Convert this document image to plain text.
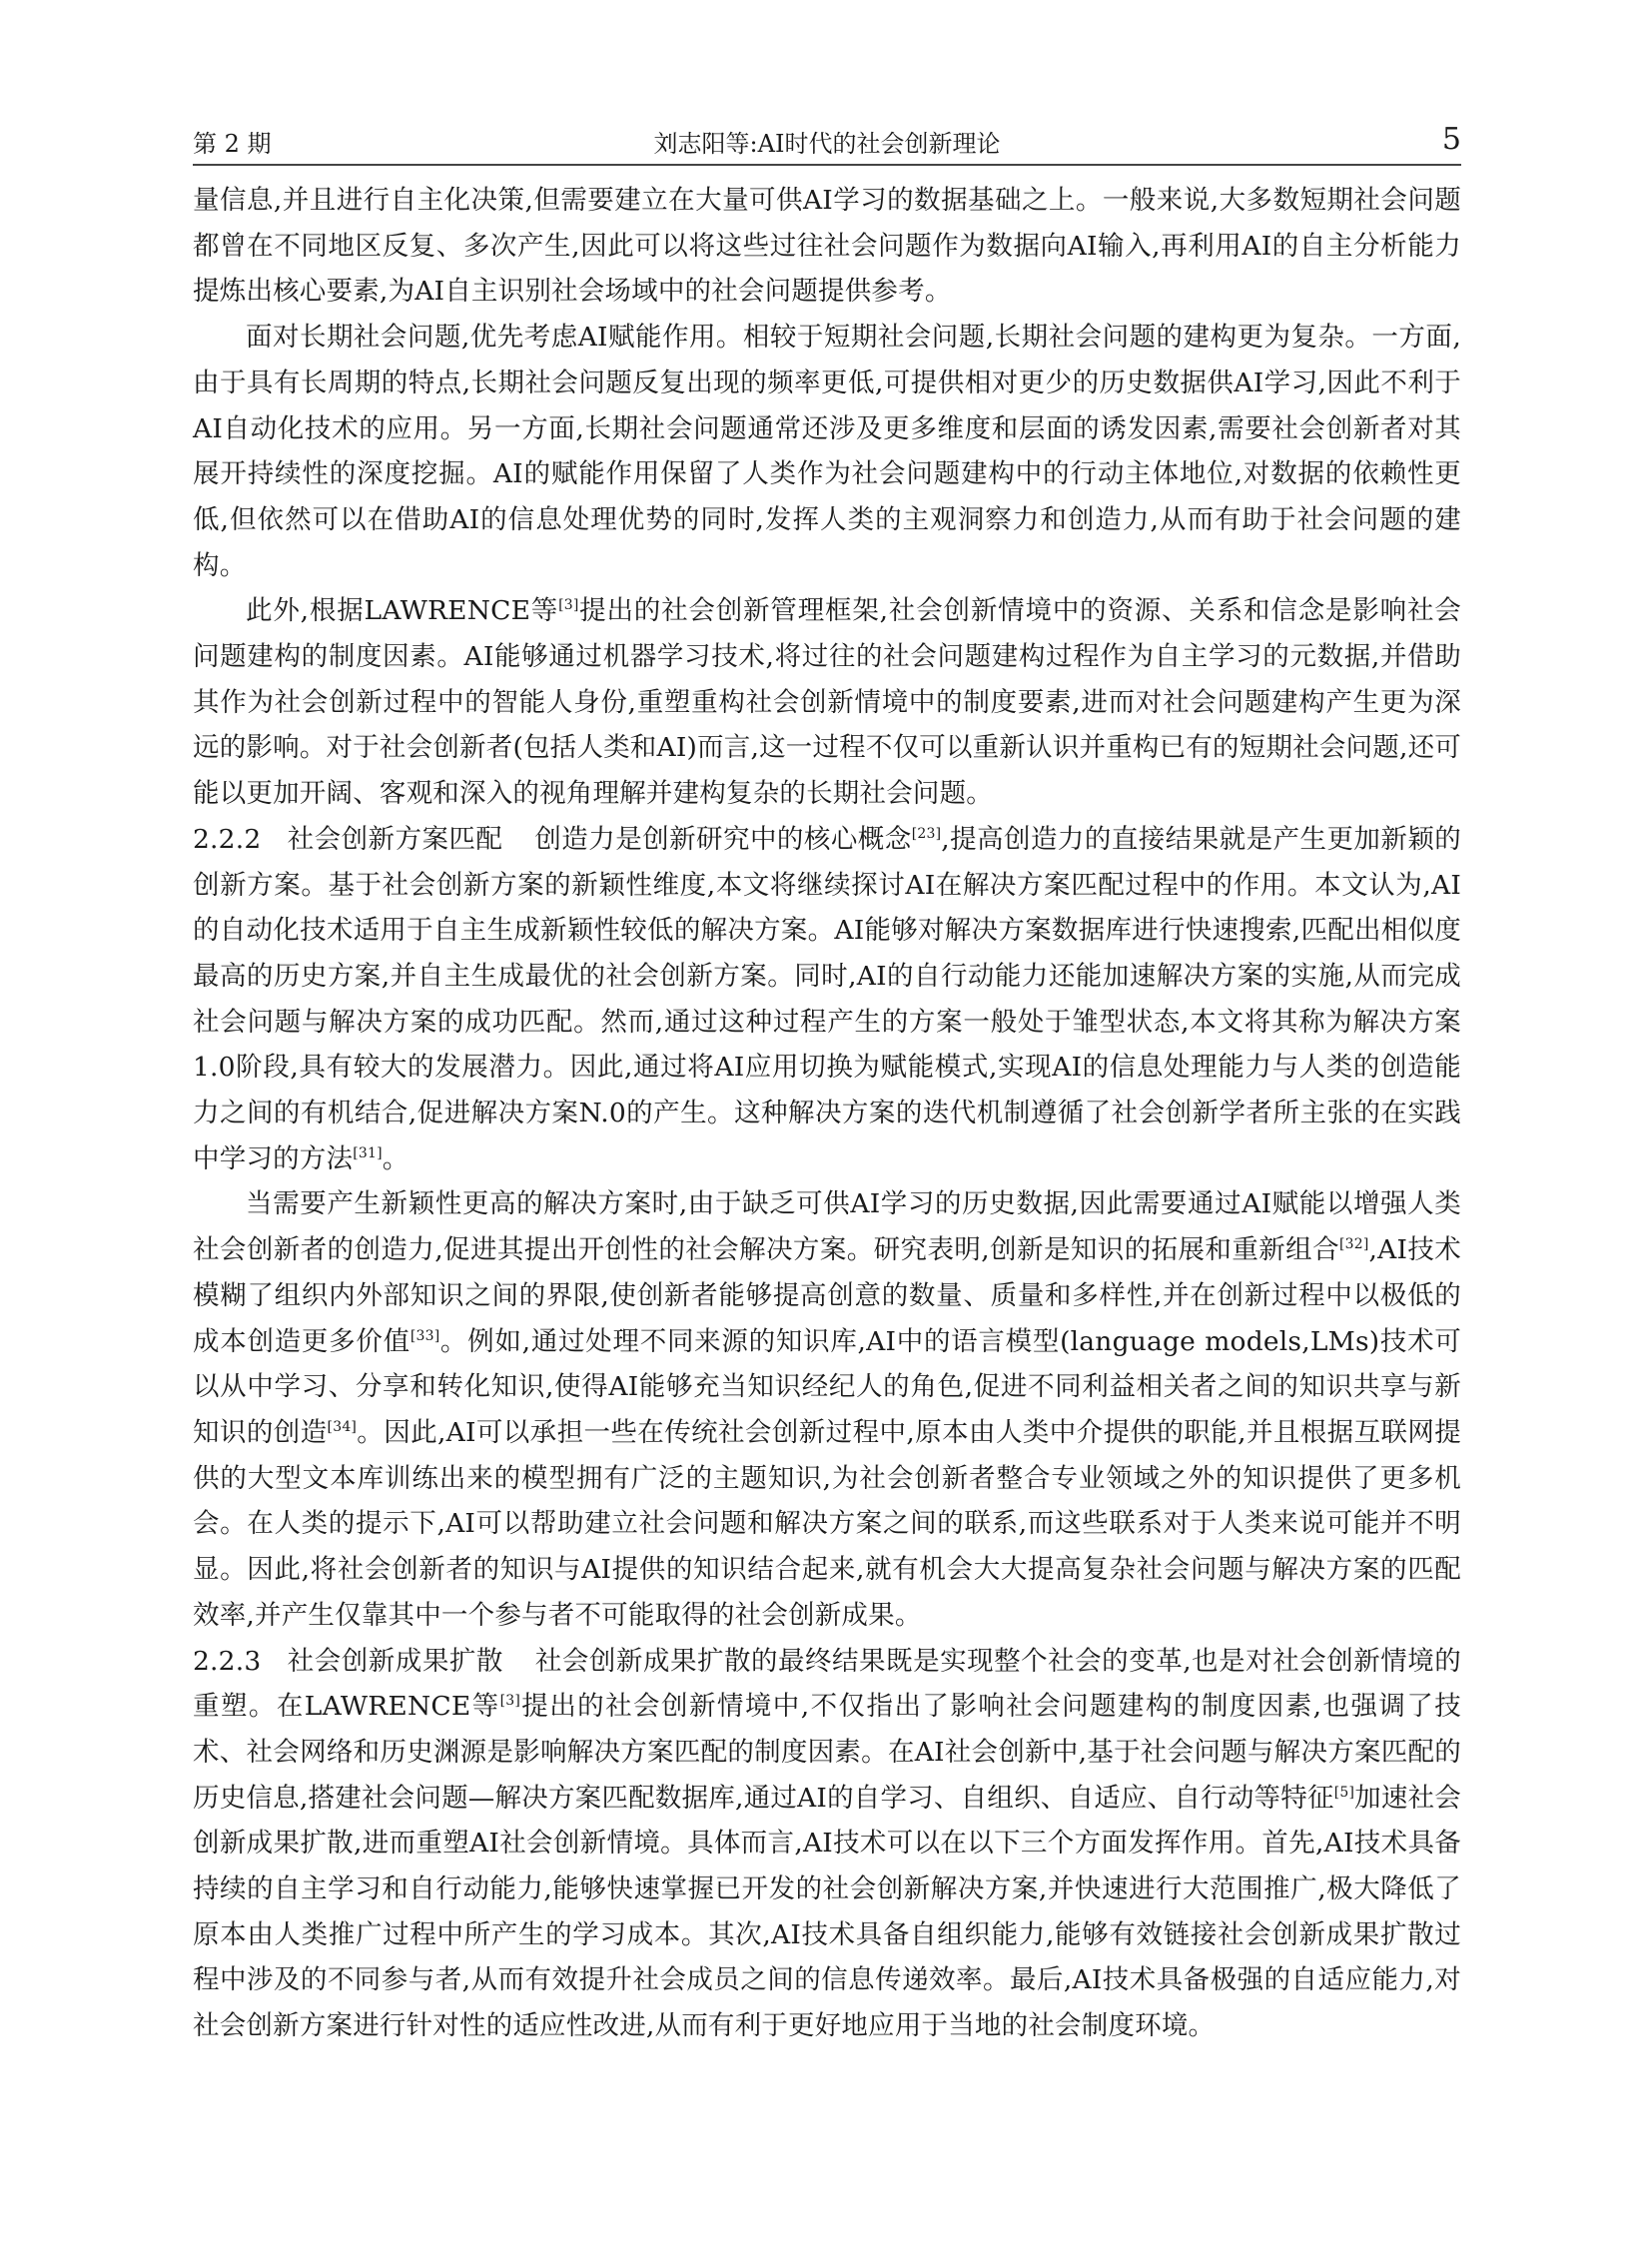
第 2 期	刘志阳等:AI时代的社会创新理论	5

量信息,并且进行自主化决策,但需要建立在大量可供AI学习的数据基础之上。一般来说,大多数短期社会问题都曾在不同地区反复、多次产生,因此可以将这些过往社会问题作为数据向AI输入,再利用AI的自主分析能力提炼出核心要素,为AI自主识别社会场域中的社会问题提供参考。

面对长期社会问题,优先考虑AI赋能作用。相较于短期社会问题,长期社会问题的建构更为复杂。一方面,由于具有长周期的特点,长期社会问题反复出现的频率更低,可提供相对更少的历史数据供AI学习,因此不利于AI自动化技术的应用。另一方面,长期社会问题通常还涉及更多维度和层面的诱发因素,需要社会创新者对其展开持续性的深度挖掘。AI的赋能作用保留了人类作为社会问题建构中的行动主体地位,对数据的依赖性更低,但依然可以在借助AI的信息处理优势的同时,发挥人类的主观洞察力和创造力,从而有助于社会问题的建构。

此外,根据LAWRENCE等[3]提出的社会创新管理框架,社会创新情境中的资源、关系和信念是影响社会问题建构的制度因素。AI能够通过机器学习技术,将过往的社会问题建构过程作为自主学习的元数据,并借助其作为社会创新过程中的智能人身份,重塑重构社会创新情境中的制度要素,进而对社会问题建构产生更为深远的影响。对于社会创新者(包括人类和AI)而言,这一过程不仅可以重新认识并重构已有的短期社会问题,还可能以更加开阔、客观和深入的视角理解并建构复杂的长期社会问题。

2.2.2 社会创新方案匹配 创造力是创新研究中的核心概念[23],提高创造力的直接结果就是产生更加新颖的创新方案。基于社会创新方案的新颖性维度,本文将继续探讨AI在解决方案匹配过程中的作用。本文认为,AI的自动化技术适用于自主生成新颖性较低的解决方案。AI能够对解决方案数据库进行快速搜索,匹配出相似度最高的历史方案,并自主生成最优的社会创新方案。同时,AI的自行动能力还能加速解决方案的实施,从而完成社会问题与解决方案的成功匹配。然而,通过这种过程产生的方案一般处于雏型状态,本文将其称为解决方案1.0阶段,具有较大的发展潜力。因此,通过将AI应用切换为赋能模式,实现AI的信息处理能力与人类的创造能力之间的有机结合,促进解决方案N.0的产生。这种解决方案的迭代机制遵循了社会创新学者所主张的在实践中学习的方法[31]。

当需要产生新颖性更高的解决方案时,由于缺乏可供AI学习的历史数据,因此需要通过AI赋能以增强人类社会创新者的创造力,促进其提出开创性的社会解决方案。研究表明,创新是知识的拓展和重新组合[32],AI技术模糊了组织内外部知识之间的界限,使创新者能够提高创意的数量、质量和多样性,并在创新过程中以极低的成本创造更多价值[33]。例如,通过处理不同来源的知识库,AI中的语言模型(language models,LMs)技术可以从中学习、分享和转化知识,使得AI能够充当知识经纪人的角色,促进不同利益相关者之间的知识共享与新知识的创造[34]。因此,AI可以承担一些在传统社会创新过程中,原本由人类中介提供的职能,并且根据互联网提供的大型文本库训练出来的模型拥有广泛的主题知识,为社会创新者整合专业领域之外的知识提供了更多机会。在人类的提示下,AI可以帮助建立社会问题和解决方案之间的联系,而这些联系对于人类来说可能并不明显。因此,将社会创新者的知识与AI提供的知识结合起来,就有机会大大提高复杂社会问题与解决方案的匹配效率,并产生仅靠其中一个参与者不可能取得的社会创新成果。

2.2.3 社会创新成果扩散 社会创新成果扩散的最终结果既是实现整个社会的变革,也是对社会创新情境的重塑。在LAWRENCE等[3]提出的社会创新情境中,不仅指出了影响社会问题建构的制度因素,也强调了技术、社会网络和历史渊源是影响解决方案匹配的制度因素。在AI社会创新中,基于社会问题与解决方案匹配的历史信息,搭建社会问题—解决方案匹配数据库,通过AI的自学习、自组织、自适应、自行动等特征[5]加速社会创新成果扩散,进而重塑AI社会创新情境。具体而言,AI技术可以在以下三个方面发挥作用。首先,AI技术具备持续的自主学习和自行动能力,能够快速掌握已开发的社会创新解决方案,并快速进行大范围推广,极大降低了原本由人类推广过程中所产生的学习成本。其次,AI技术具备自组织能力,能够有效链接社会创新成果扩散过程中涉及的不同参与者,从而有效提升社会成员之间的信息传递效率。最后,AI技术具备极强的自适应能力,对社会创新方案进行针对性的适应性改进,从而有利于更好地应用于当地的社会制度环境。
